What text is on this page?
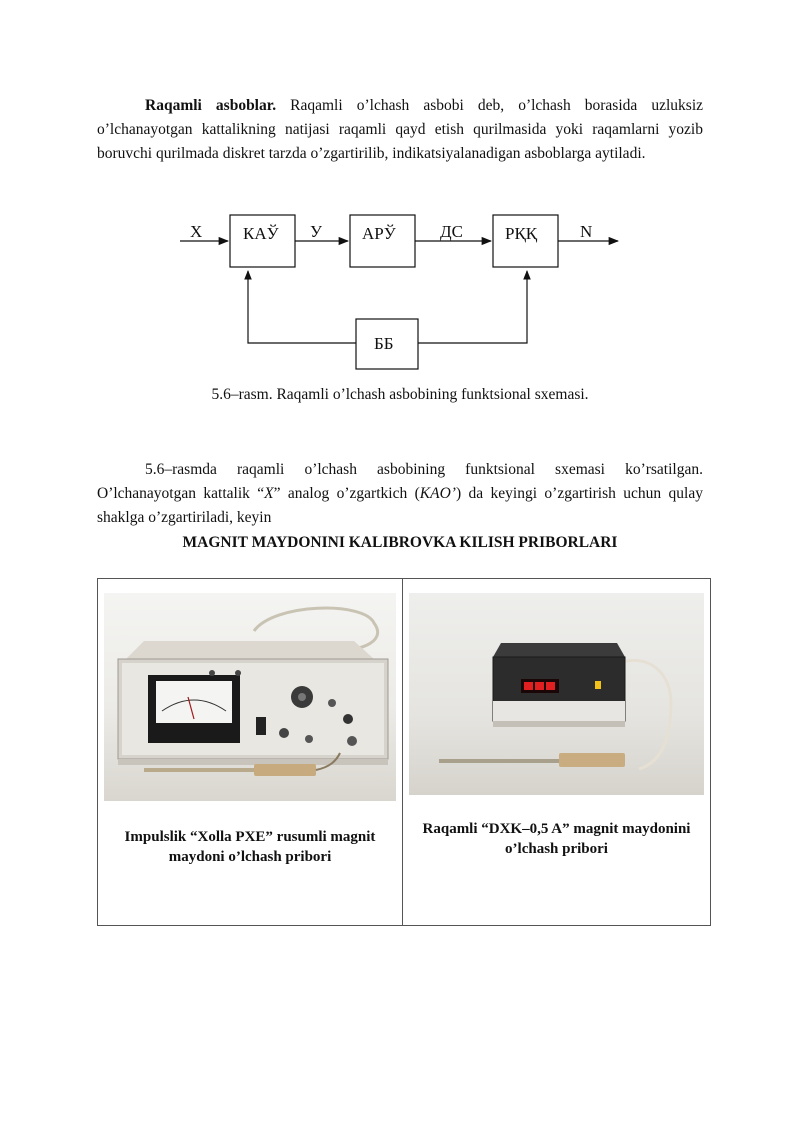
Raqamli asboblar. Raqamli o’lchash asbobi deb, o’lchash borasida uzluksiz o’lchanayotgan kattalikning natijasi raqamli qayd etish qurilmasida yoki raqamlarni yozib boruvchi qurilmada diskret tarzda o’zgartirilib, indikatsiyalanadigan asboblarga aytiladi.

X КАЎ У АРЎ	ДС РҚҚ	N
ББ
5.6–rasm. Raqamli o’lchash asbobining funktsional sxemasi.

5.6–rasmda raqamli o’lchash asbobining funktsional sxemasi ko’rsatilgan. O’lchanayotgan kattalik “X” analog o’zgartkich (KAO’) da keyingi o’zgartirish uchun qulay shaklga o’zgartiriladi, keyin

MAGNIT MAYDONINI KALIBROVKA KILISH PRIBORLARI
Impulslik “Xolla PXE” rusumli magnit maydoni o’lchash pribori

Raqamli “DXK–0,5 A” magnit maydonini o’lchash pribori
